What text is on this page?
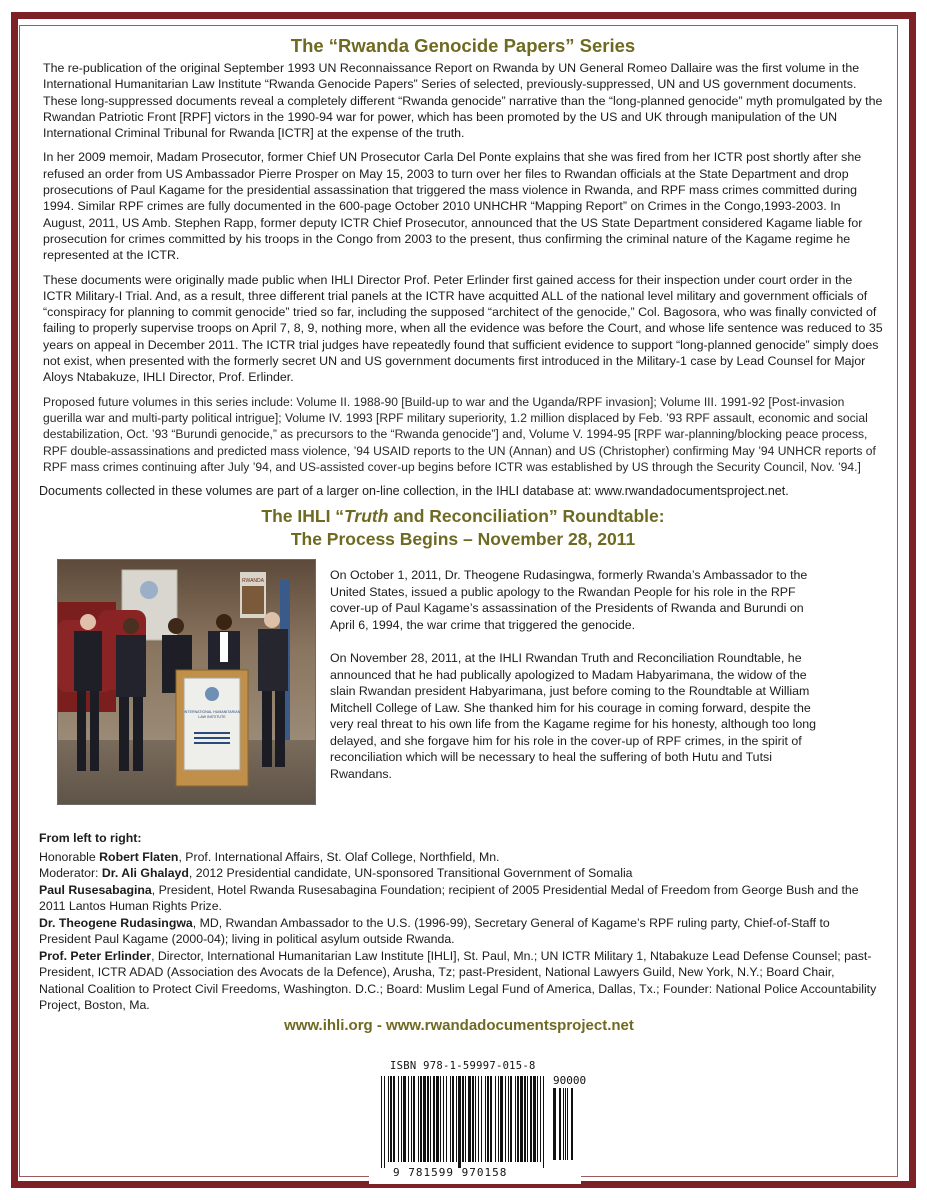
The “Rwanda Genocide Papers” Series

The re-publication of the original September 1993 UN Reconnaissance Report on Rwanda by UN General Romeo Dallaire was the first volume in the International Humanitarian Law Institute “Rwanda Genocide Papers” Series of selected, previously-suppressed, UN and US government documents. These long-suppressed documents reveal a completely different “Rwanda genocide” narrative than the “long-planned genocide” myth promulgated by the Rwandan Patriotic Front [RPF] victors in the 1990-94 war for power, which has been promoted by the US and UK through manipulation of the UN International Criminal Tribunal for Rwanda [ICTR] at the expense of the truth.

In her 2009 memoir, Madam Prosecutor, former Chief UN Prosecutor Carla Del Ponte explains that she was fired from her ICTR post shortly after she refused an order from US Ambassador Pierre Prosper on May 15, 2003 to turn over her files to Rwandan officials at the State Department and drop prosecutions of Paul Kagame for the presidential assassination that triggered the mass violence in Rwanda, and RPF mass crimes committed during 1994. Similar RPF crimes are fully documented in the 600-page October 2010 UNHCHR “Mapping Report” on Crimes in the Congo,1993-2003. In August, 2011, US Amb. Stephen Rapp, former deputy ICTR Chief Prosecutor, announced that the US State Department considered Kagame liable for prosecution for crimes committed by his troops in the Congo from 2003 to the present, thus confirming the criminal nature of the Kagame regime he represented at the ICTR.

These documents were originally made public when IHLI Director Prof. Peter Erlinder first gained access for their inspection under court order in the ICTR Military-I Trial. And, as a result, three different trial panels at the ICTR have acquitted ALL of the national level military and government officials of “conspiracy for planning to commit genocide” tried so far, including the supposed “architect of the genocide,” Col. Bagosora, who was finally convicted of failing to properly supervise troops on April 7, 8, 9, nothing more, when all the evidence was before the Court, and whose life sentence was reduced to 35 years on appeal in December 2011. The ICTR trial judges have repeatedly found that sufficient evidence to support “long-planned genocide” simply does not exist, when presented with the formerly secret UN and US government documents first introduced in the Military-1 case by Lead Counsel for Major Aloys Ntabakuze, IHLI Director, Prof. Erlinder.

Proposed future volumes in this series include: Volume II. 1988-90 [Build-up to war and the Uganda/RPF invasion]; Volume III. 1991-92 [Post-invasion guerilla war and multi-party political intrigue]; Volume IV. 1993 [RPF military superiority, 1.2 million displaced by Feb. ’93 RPF assault, economic and social destabilization, Oct. ’93 “Burundi genocide,” as precursors to the “Rwanda genocide”] and, Volume V. 1994-95 [RPF war-planning/blocking peace process, RPF double-assassinations and predicted mass violence, ’94 USAID reports to the UN (Annan) and US (Christopher) confirming May ’94 UNHCR reports of RPF mass crimes continuing after July ’94, and US-assisted cover-up begins before ICTR was established by US through the Security Council, Nov. ’94.]

Documents collected in these volumes are part of a larger on-line collection, in the IHLI database at: www.rwandadocumentsproject.net.

The IHLI “Truth and Reconciliation” Roundtable:
The Process Begins – November 28, 2011
RWANDA
INTERNATIONAL HUMANITARIAN
LAW INSTITUTE

On October 1, 2011, Dr. Theogene Rudasingwa, formerly Rwanda’s Ambassador to the United States, issued a public apology to the Rwandan People for his role in the RPF cover-up of Paul Kagame’s assassination of the Presidents of Rwanda and Burundi on April 6, 1994, the war crime that triggered the genocide.

On November 28, 2011, at the IHLI Rwandan Truth and Reconciliation Roundtable, he announced that he had publically apologized to Madam Habyarimana, the widow of the slain Rwandan president Habyarimana, just before coming to the Roundtable at William Mitchell College of Law. She thanked him for his courage in coming forward, despite the very real threat to his own life from the Kagame regime for his honesty, although too long delayed, and she forgave him for his role in the cover-up of RPF crimes, in the spirit of reconciliation which will be necessary to heal the suffering of both Hutu and Tutsi Rwandans.

From left to right:

Honorable Robert Flaten, Prof. International Affairs, St. Olaf College, Northfield, Mn.

Moderator: Dr. Ali Ghalayd, 2012 Presidential candidate, UN-sponsored Transitional Government of Somalia

Paul Rusesabagina, President, Hotel Rwanda Rusesabagina Foundation; recipient of 2005 Presidential Medal of Freedom from George Bush and the 2011 Lantos Human Rights Prize.

Dr. Theogene Rudasingwa, MD, Rwandan Ambassador to the U.S. (1996-99), Secretary General of Kagame’s RPF ruling party, Chief-of-Staff to President Paul Kagame (2000-04); living in political asylum outside Rwanda.

Prof. Peter Erlinder, Director, International Humanitarian Law Institute [IHLI], St. Paul, Mn.; UN ICTR Military 1, Ntabakuze Lead Defense Counsel; past-President, ICTR ADAD (Association des Avocats de la Defence), Arusha, Tz; past-President, National Lawyers Guild, New York, N.Y.; Board Chair, National Coalition to Protect Civil Freedoms, Washington. D.C.; Board: Muslim Legal Fund of America, Dallas, Tx.; Founder: National Police Accountability Project, Boston, Ma.

www.ihli.org - www.rwandadocumentsproject.net
ISBN 978-1-59997-015-8
90000
9 781599 970158
